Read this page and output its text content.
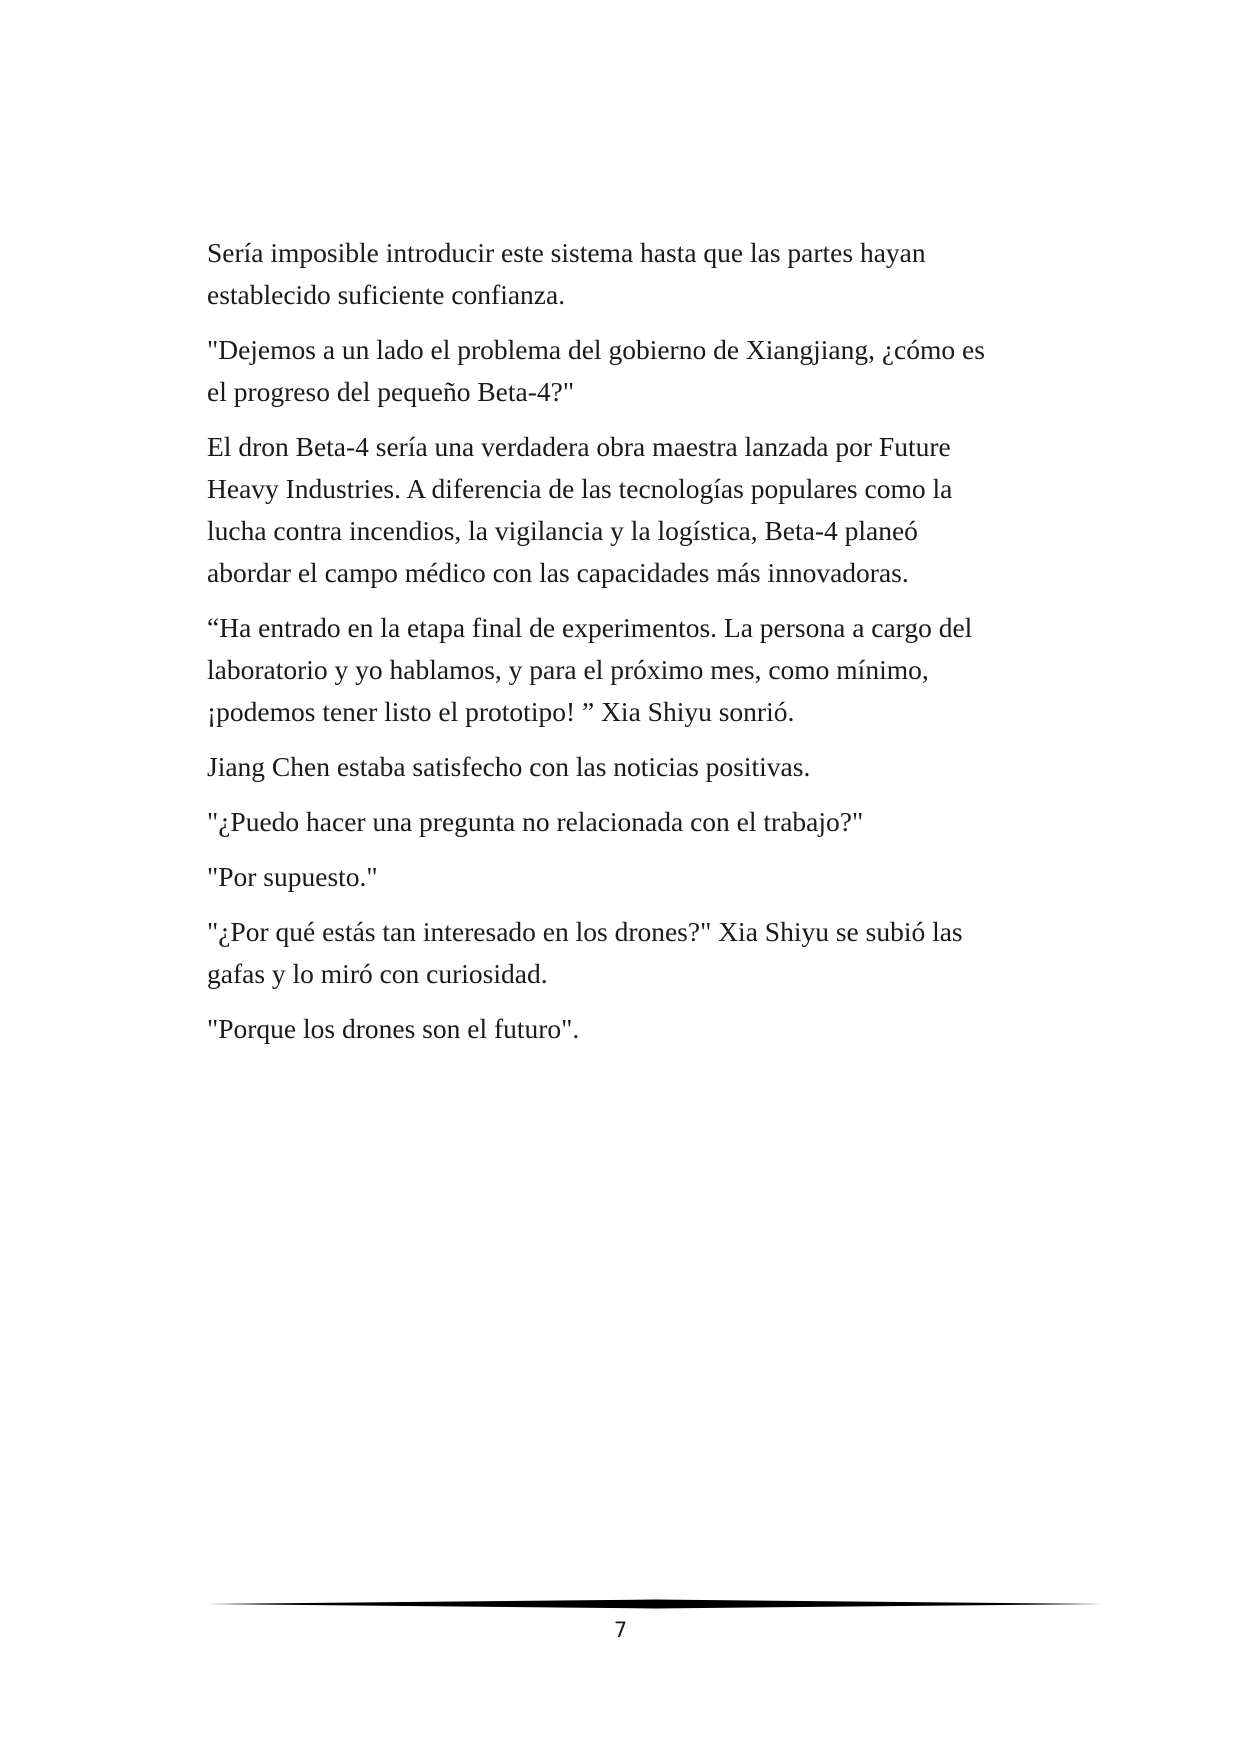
Sería imposible introducir este sistema hasta que las partes hayan
establecido suficiente confianza.

"Dejemos a un lado el problema del gobierno de Xiangjiang, ¿cómo es
el progreso del pequeño Beta-4?"

El dron Beta-4 sería una verdadera obra maestra lanzada por Future
Heavy Industries. A diferencia de las tecnologías populares como la
lucha contra incendios, la vigilancia y la logística, Beta-4 planeó
abordar el campo médico con las capacidades más innovadoras.

“Ha entrado en la etapa final de experimentos. La persona a cargo del
laboratorio y yo hablamos, y para el próximo mes, como mínimo,
¡podemos tener listo el prototipo! ” Xia Shiyu sonrió.

Jiang Chen estaba satisfecho con las noticias positivas.

"¿Puedo hacer una pregunta no relacionada con el trabajo?"

"Por supuesto."

"¿Por qué estás tan interesado en los drones?" Xia Shiyu se subió las
gafas y lo miró con curiosidad.

"Porque los drones son el futuro".

7
